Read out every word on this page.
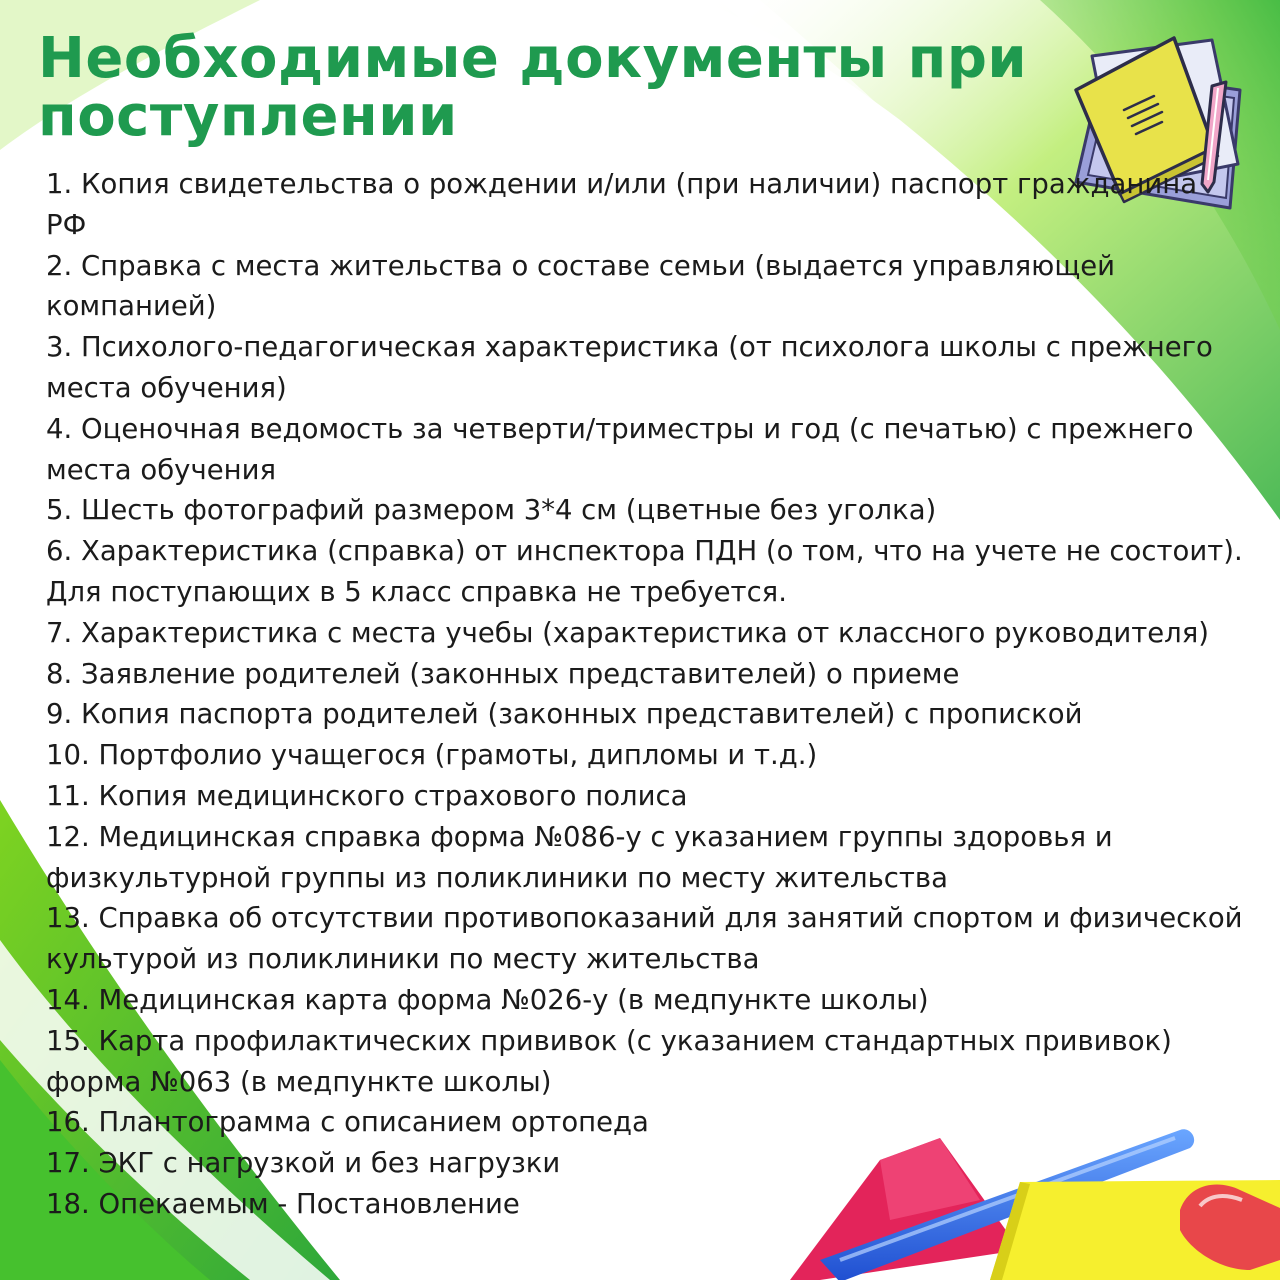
Необходимые документы при
поступлении
1. Копия свидетельства о рождении и/или (при наличии) паспорт гражданина РФ
2. Справка с места жительства о составе семьи (выдается управляющей компанией)
3. Психолого-педагогическая характеристика (от психолога школы с прежнего места обучения)
4. Оценочная ведомость за четверти/триместры и год (с печатью) с прежнего места обучения
5. Шесть фотографий размером 3*4 см (цветные без уголка)
6. Характеристика (справка) от инспектора ПДН (о том, что на учете не состоит). Для поступающих в 5 класс справка не требуется.
7. Характеристика с места учебы (характеристика от классного руководителя)
8. Заявление родителей (законных представителей) о приеме
9. Копия паспорта родителей (законных представителей) с пропиской
10. Портфолио учащегося (грамоты, дипломы и т.д.)
11. Копия медицинского страхового полиса
12. Медицинская справка форма №086-у с указанием группы здоровья и физкультурной группы из поликлиники по месту жительства
13. Справка об отсутствии противопоказаний для занятий спортом и физической культурой из поликлиники по месту жительства
14. Медицинская карта форма №026-у (в медпункте школы)
15. Карта профилактических прививок (с указанием стандартных прививок) форма №063 (в медпункте школы)
16. Плантограмма с описанием ортопеда
17. ЭКГ с нагрузкой и без нагрузки
18. Опекаемым - Постановление
